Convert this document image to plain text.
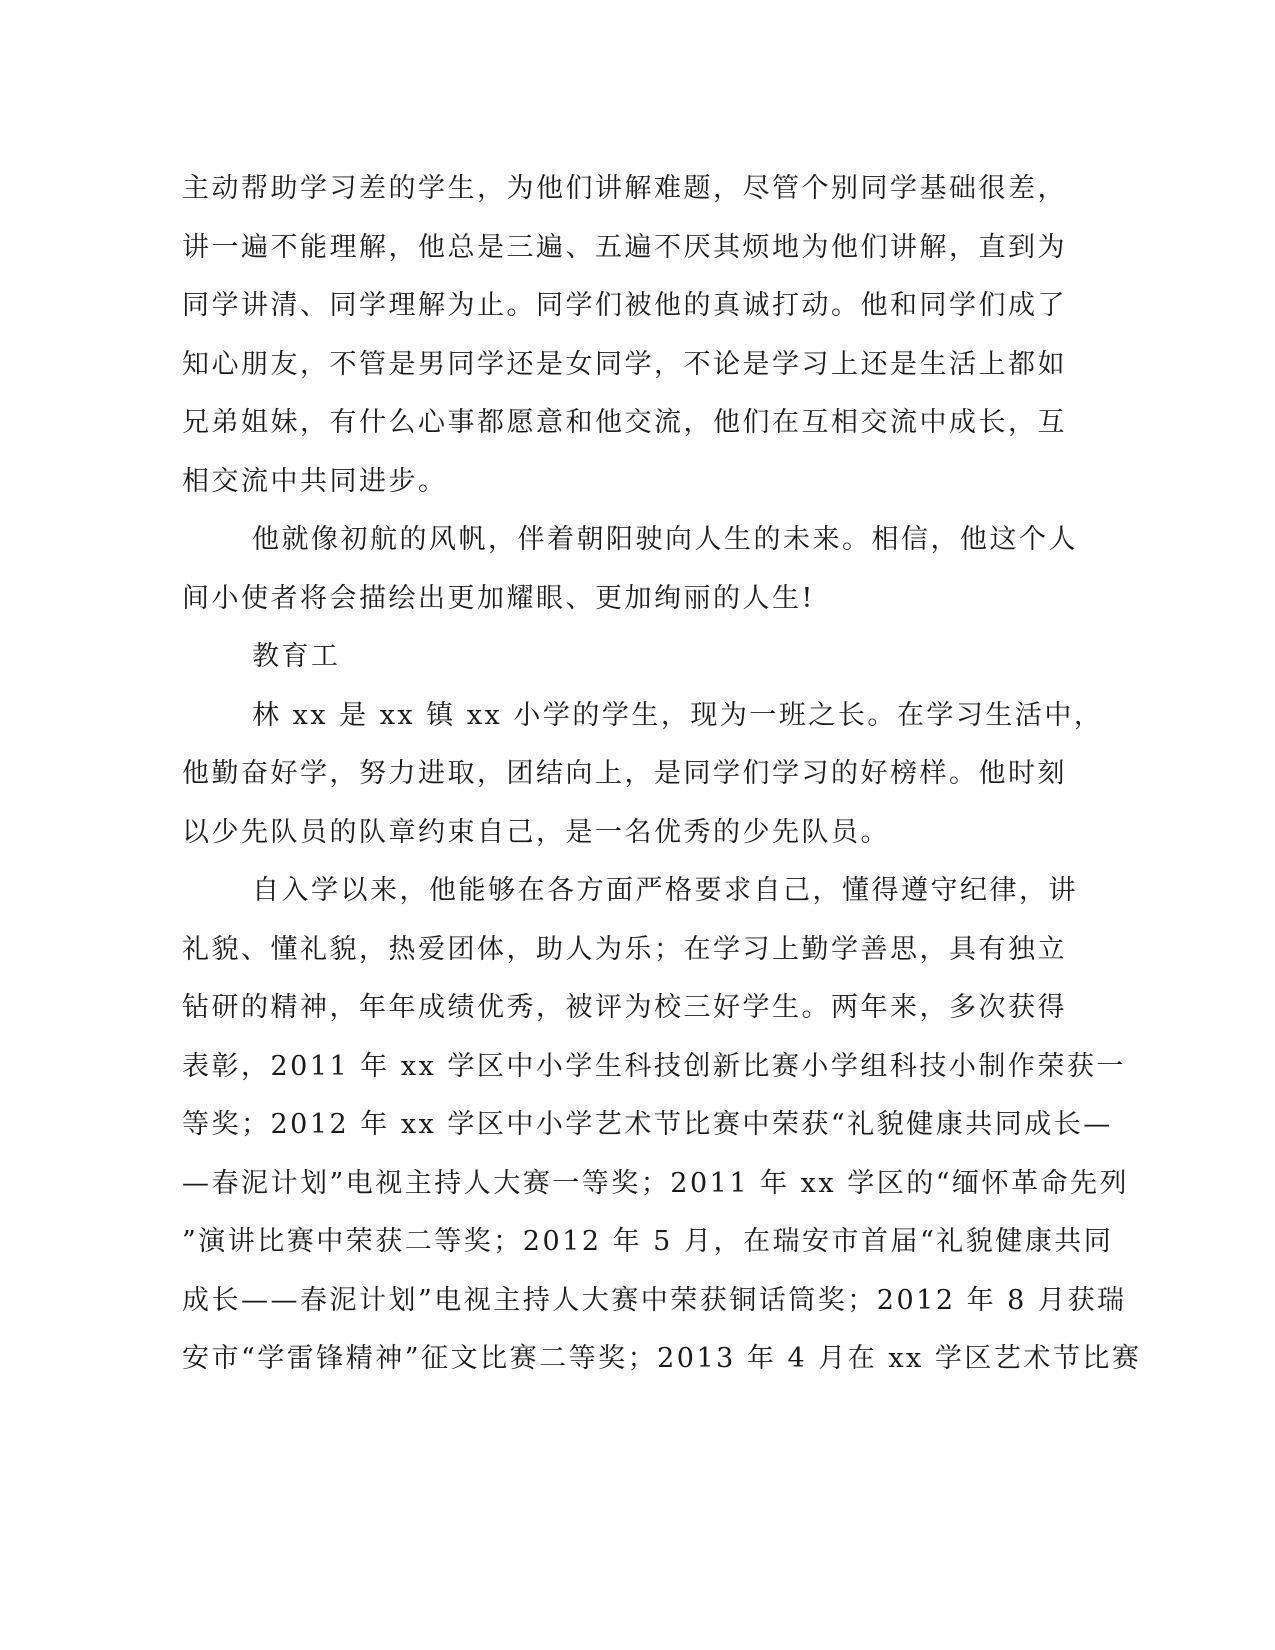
主动帮助学习差的学生，为他们讲解难题，尽管个别同学基础很差，
讲一遍不能理解，他总是三遍、五遍不厌其烦地为他们讲解，直到为
同学讲清、同学理解为止。同学们被他的真诚打动。他和同学们成了
知心朋友，不管是男同学还是女同学，不论是学习上还是生活上都如
兄弟姐妹，有什么心事都愿意和他交流，他们在互相交流中成长，互
相交流中共同进步。

他就像初航的风帆，伴着朝阳驶向人生的未来。相信，他这个人
间小使者将会描绘出更加耀眼、更加绚丽的人生!

教育工

林 xx 是 xx 镇 xx 小学的学生，现为一班之长。在学习生活中，
他勤奋好学，努力进取，团结向上，是同学们学习的好榜样。他时刻
以少先队员的队章约束自己，是一名优秀的少先队员。

自入学以来，他能够在各方面严格要求自己，懂得遵守纪律，讲
礼貌、懂礼貌，热爱团体，助人为乐；在学习上勤学善思，具有独立
钻研的精神，年年成绩优秀，被评为校三好学生。两年来，多次获得
表彰，2011 年 xx 学区中小学生科技创新比赛小学组科技小制作荣获一
等奖；2012 年 xx 学区中小学艺术节比赛中荣获“礼貌健康共同成长—
—春泥计划”电视主持人大赛一等奖；2011 年 xx 学区的“缅怀革命先列
”演讲比赛中荣获二等奖；2012 年 5 月，在瑞安市首届“礼貌健康共同
成长——春泥计划”电视主持人大赛中荣获铜话筒奖；2012 年 8 月获瑞
安市“学雷锋精神”征文比赛二等奖；2013 年 4 月在 xx 学区艺术节比赛
